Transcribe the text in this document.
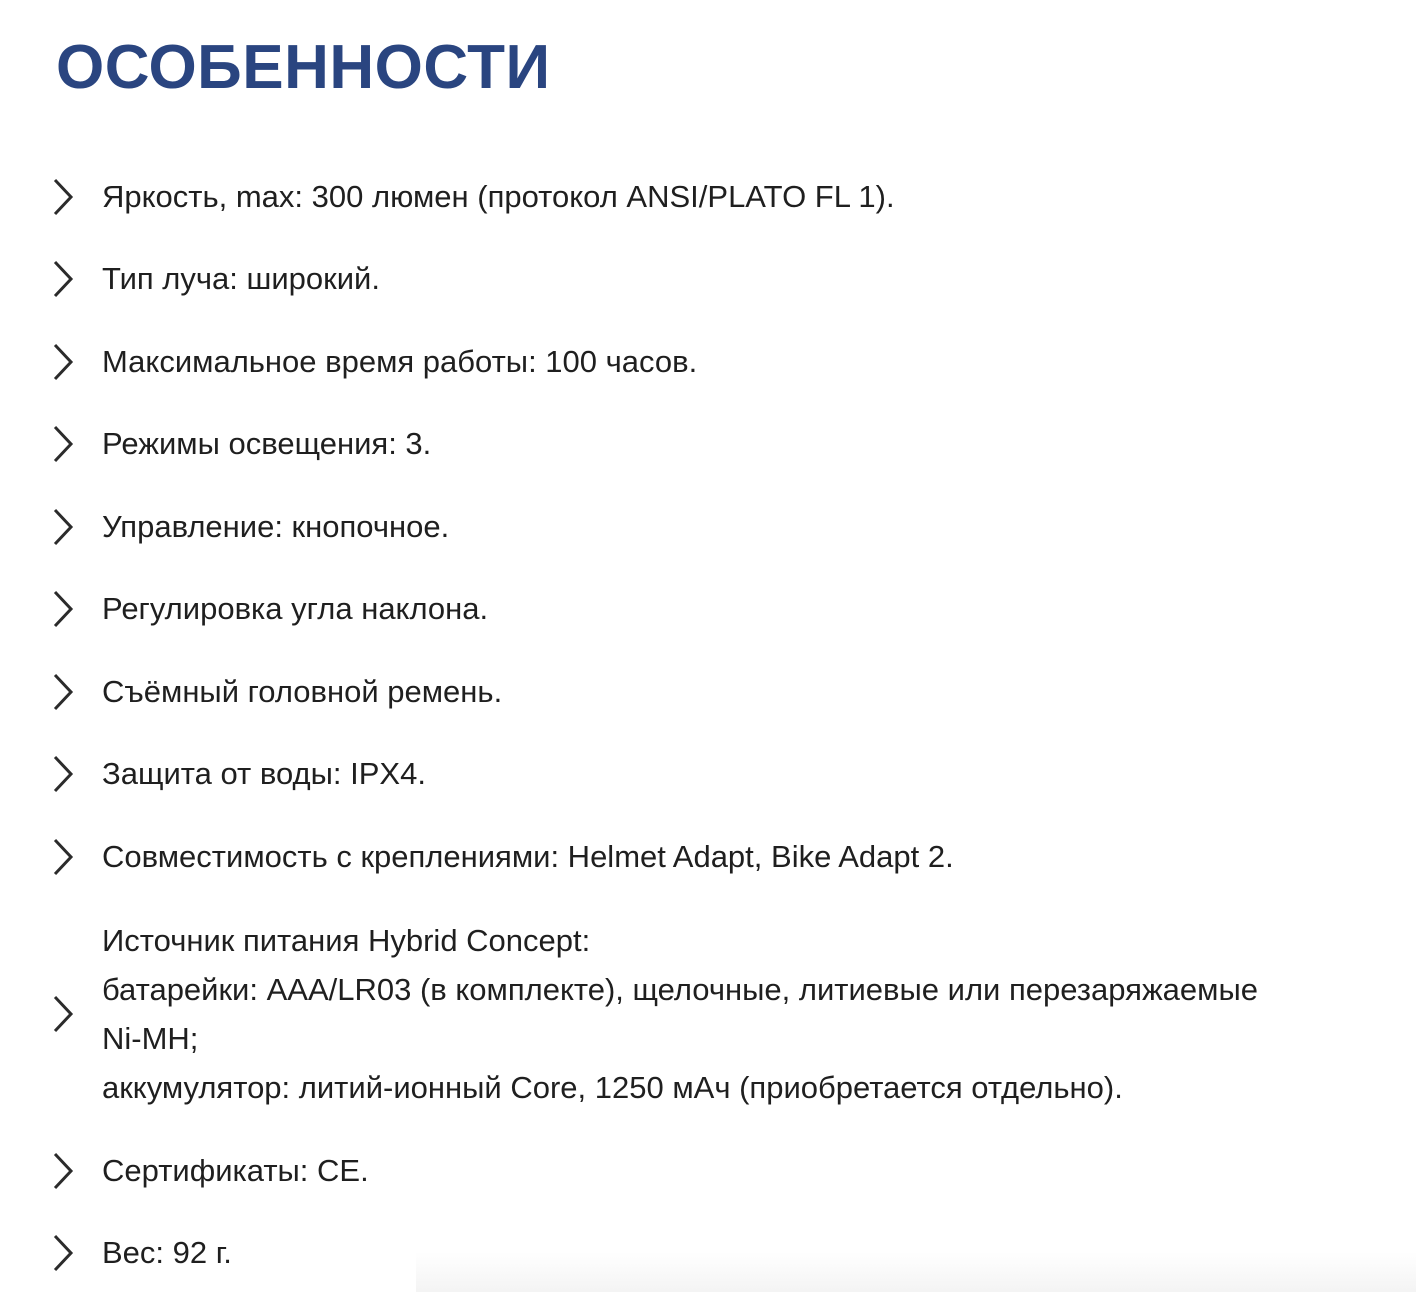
ОСОБЕННОСТИ
Яркость, max: 300 люмен (протокол ANSI/PLATO FL 1).
Тип луча: широкий.
Максимальное время работы: 100 часов.
Режимы освещения: 3.
Управление: кнопочное.
Регулировка угла наклона.
Съёмный головной ремень.
Защита от воды: IPX4.
Совместимость с креплениями: Helmet Adapt, Bike Adapt 2.
Источник питания Hybrid Concept:
батарейки: AAA/LR03 (в комплекте), щелочные, литиевые или перезаряжаемые
Ni-MH;
аккумулятор: литий-ионный Core, 1250 мАч (приобретается отдельно).
Сертификаты: CE.
Вес: 92 г.
